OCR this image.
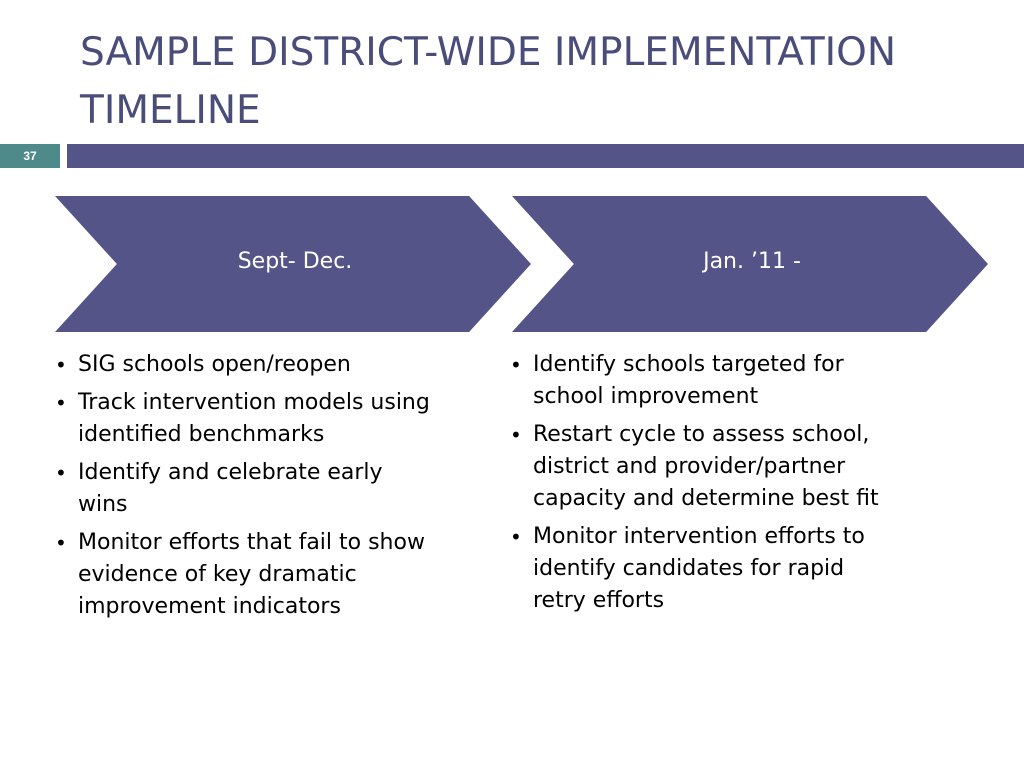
SAMPLE DISTRICT-WIDE IMPLEMENTATION TIMELINE
37
Sept- Dec.	Jan. ’11 -
• SIG schools open/reopen
• Track intervention models using identified benchmarks
• Identify and celebrate early wins
• Monitor efforts that fail to show evidence of key dramatic improvement indicators
• Identify schools targeted for school improvement
• Restart cycle to assess school, district and provider/partner capacity and determine best fit
• Monitor intervention efforts to identify candidates for rapid retry efforts
